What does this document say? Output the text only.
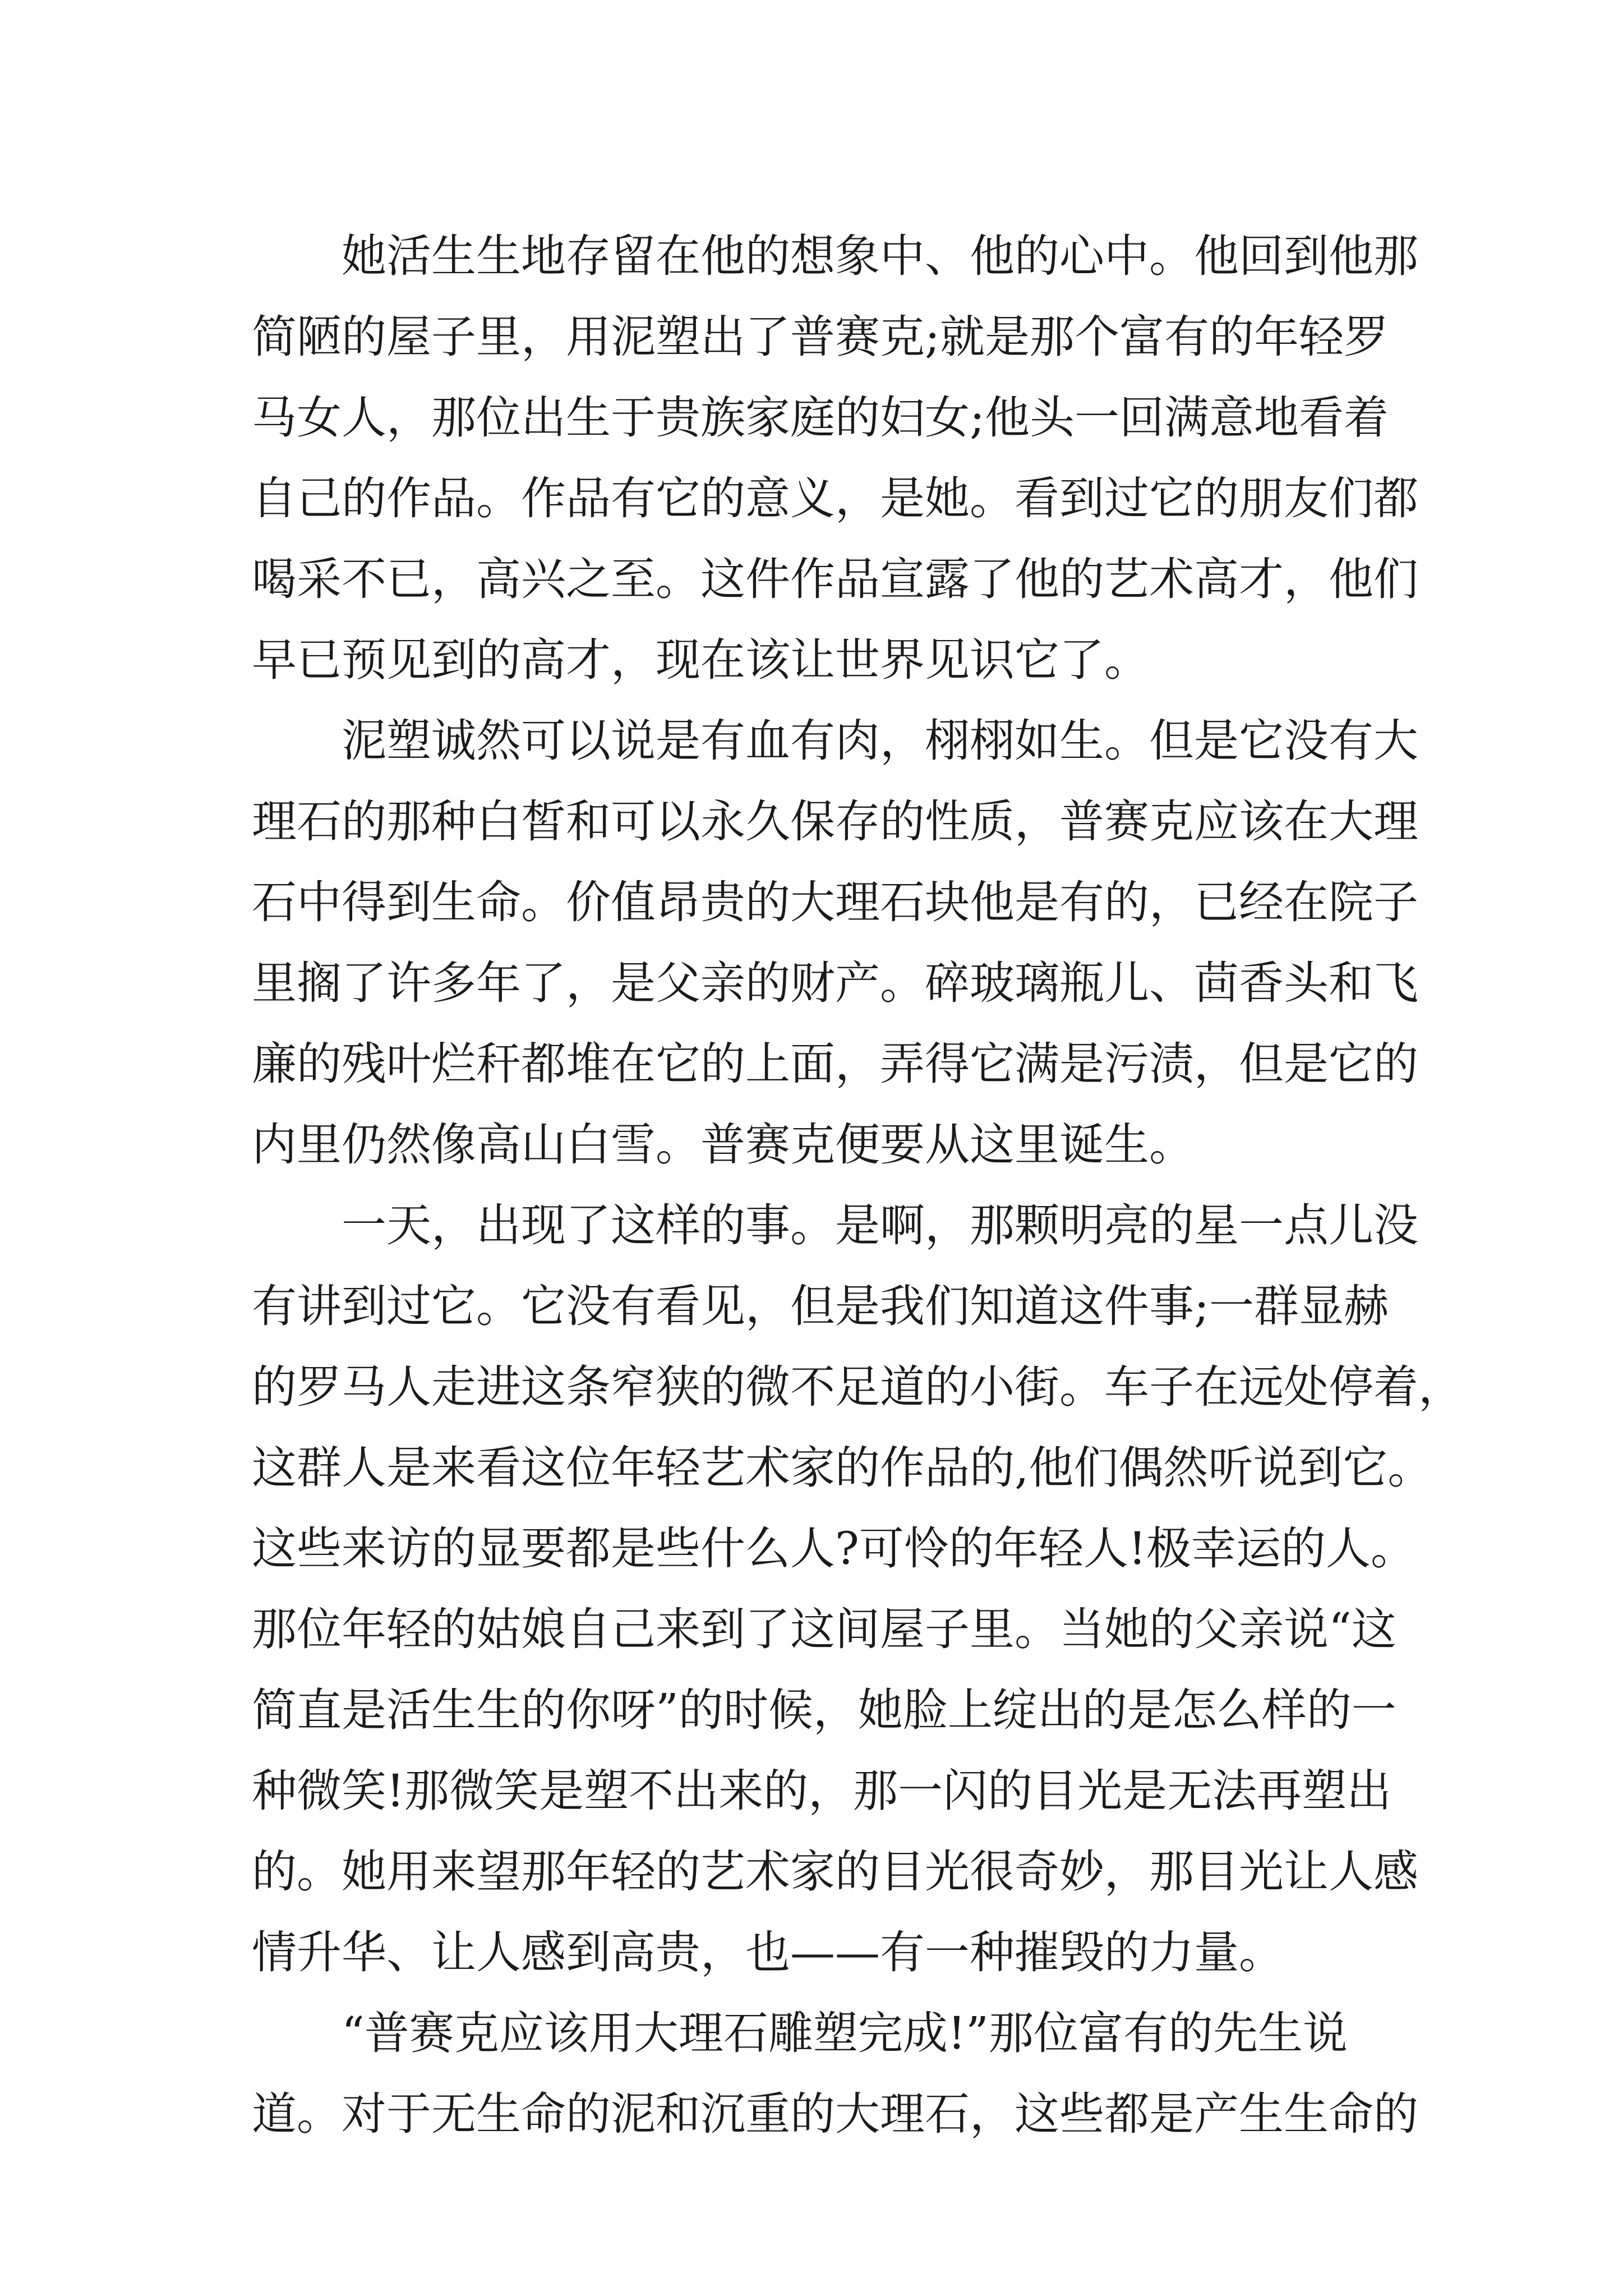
她活生生地存留在他的想象中、他的心中。他回到他那
简陋的屋子里，用泥塑出了普赛克;就是那个富有的年轻罗
马女人，那位出生于贵族家庭的妇女;他头一回满意地看着
自己的作品。作品有它的意义，是她。看到过它的朋友们都
喝采不已，高兴之至。这件作品宣露了他的艺术高才，他们
早已预见到的高才，现在该让世界见识它了。

泥塑诚然可以说是有血有肉，栩栩如生。但是它没有大
理石的那种白皙和可以永久保存的性质，普赛克应该在大理
石中得到生命。价值昂贵的大理石块他是有的，已经在院子
里搁了许多年了，是父亲的财产。碎玻璃瓶儿、茴香头和飞
廉的残叶烂秆都堆在它的上面，弄得它满是污渍，但是它的
内里仍然像高山白雪。普赛克便要从这里诞生。

一天，出现了这样的事。是啊，那颗明亮的星一点儿没
有讲到过它。它没有看见，但是我们知道这件事;一群显赫
的罗马人走进这条窄狭的微不足道的小街。车子在远处停着，
这群人是来看这位年轻艺术家的作品的,他们偶然听说到它。
这些来访的显要都是些什么人?可怜的年轻人!极幸运的人。
那位年轻的姑娘自己来到了这间屋子里。当她的父亲说“这
简直是活生生的你呀”的时候，她脸上绽出的是怎么样的一
种微笑!那微笑是塑不出来的，那一闪的目光是无法再塑出
的。她用来望那年轻的艺术家的目光很奇妙，那目光让人感
情升华、让人感到高贵，也——有一种摧毁的力量。

“普赛克应该用大理石雕塑完成!”那位富有的先生说
道。对于无生命的泥和沉重的大理石，这些都是产生生命的
